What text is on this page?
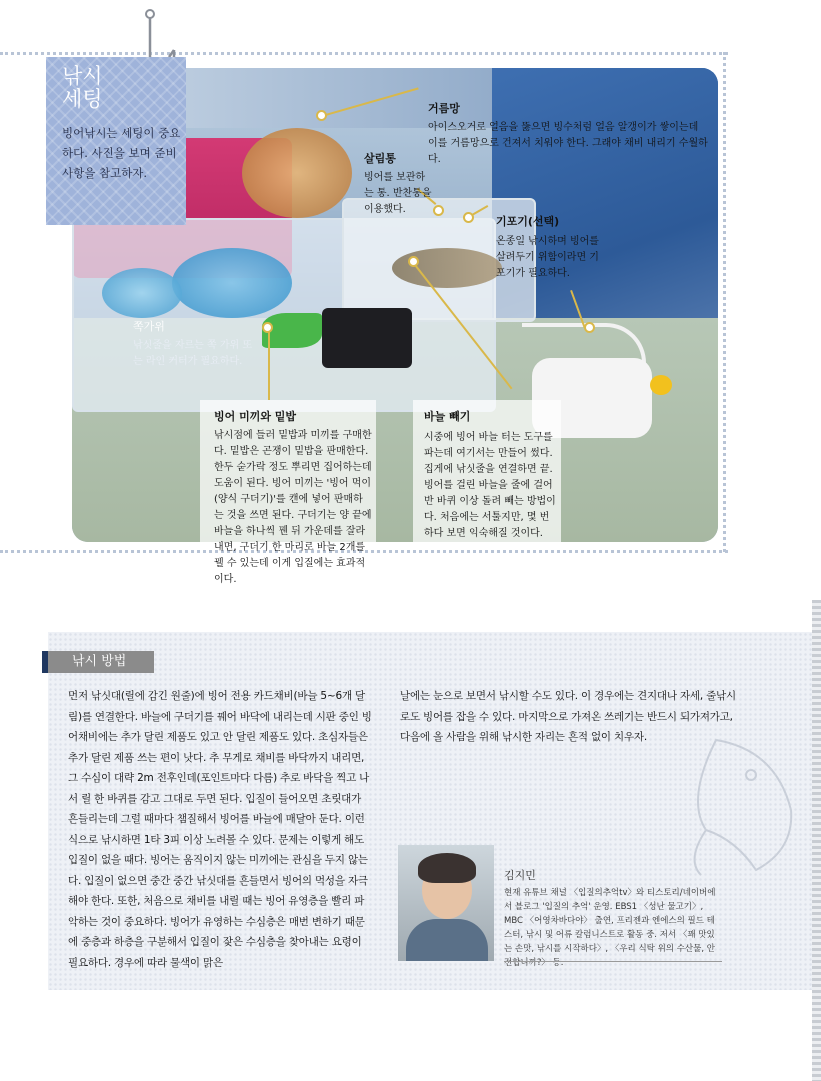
낚시
세팅
빙어낚시는 세팅이 중요하다. 사진을 보며 준비사항을 참고하자.
거름망
아이스오거로 얼음을 뚫으면 빙수처럼 얼음 알갱이가 쌓이는데 이를 거름망으로 건져서 치워야 한다. 그래야 채비 내리기 수월하다.
살림통
빙어를 보관하는 통. 반찬통을 이용했다.
기포기(선택)
온종일 낚시하며 빙어를 살려두기 위함이라면 기포기가 필요하다.
쪽가위
낚싯줄을 자르는 쪽 가위 또는 라인 커터가 필요하다.
빙어 미끼와 밑밥
낚시점에 들러 밑밥과 미끼를 구매한다. 밑밥은 곤쟁이 밑밥을 판매한다. 한두 숟가락 정도 뿌리면 집어하는데 도움이 된다. 빙어 미끼는 '빙어 먹이(양식 구더기)'를 캔에 넣어 판매하는 것을 쓰면 된다. 구더기는 양 끝에 바늘을 하나씩 꿴 뒤 가운데를 잘라내면, 구더기 한 마리로 바늘 2개를 꿸 수 있는데 이게 입질에는 효과적이다.
바늘 빼기
시중에 빙어 바늘 터는 도구를 파는데 여기서는 만들어 썼다. 집게에 낚싯줄을 연결하면 끝. 빙어를 걸린 바늘을 줄에 걸어 반 바퀴 이상 돌려 빼는 방법이다. 처음에는 서툴지만, 몇 번 하다 보면 익숙해질 것이다.
낚시 방법
먼저 낚싯대(릴에 감긴 원줄)에 빙어 전용 카드채비(바늘 5~6개 달림)를 연결한다. 바늘에 구더기를 꿰어 바닥에 내리는데 시판 중인 빙어채비에는 추가 달린 제품도 있고 안 달린 제품도 있다. 초심자들은 추가 달린 제품 쓰는 편이 낫다. 추 무게로 채비를 바닥까지 내리면, 그 수심이 대략 2m 전후인데(포인트마다 다름) 추로 바닥을 찍고 나서 릴 한 바퀴를 감고 그대로 두면 된다. 입질이 들어오면 초릿대가 흔들리는데 그럴 때마다 챔질해서 빙어를 바늘에 매달아 둔다. 이런 식으로 낚시하면 1타 3피 이상 노려볼 수 있다. 문제는 이렇게 해도 입질이 없을 때다. 빙어는 움직이지 않는 미끼에는 관심을 두지 않는다. 입질이 없으면 중간 중간 낚싯대를 흔들면서 빙어의 먹성을 자극해야 한다. 또한, 처음으로 채비를 내릴 때는 빙어 유영층을 빨리 파악하는 것이 중요하다. 빙어가 유영하는 수심층은 매번 변하기 때문에 중층과 하층을 구분해서 입질이 잦은 수심층을 찾아내는 요령이 필요하다. 경우에 따라 물색이 맑은
날에는 눈으로 보면서 낚시할 수도 있다. 이 경우에는 견지대나 자세, 줄낚시로도 빙어를 잡을 수 있다. 마지막으로 가져온 쓰레기는 반드시 되가져가고, 다음에 올 사람을 위해 낚시한 자리는 흔적 없이 치우자.
김지민
현재 유튜브 채널 〈입질의추억tv〉와 티스토리/네이버에서 블로그 '입질의 추억' 운영. EBS1 〈성난 물고기〉, MBC 〈어영차바다야〉 출연, 프리젠과 엔에스의 필드 테스터, 낚시 및 어류 칼럼니스트로 활동 중. 저서 〈꽤 맛있는 손맛, 낚시를 시작하다〉, 〈우리 식탁 위의 수산물, 안전합니까?〉 등.
